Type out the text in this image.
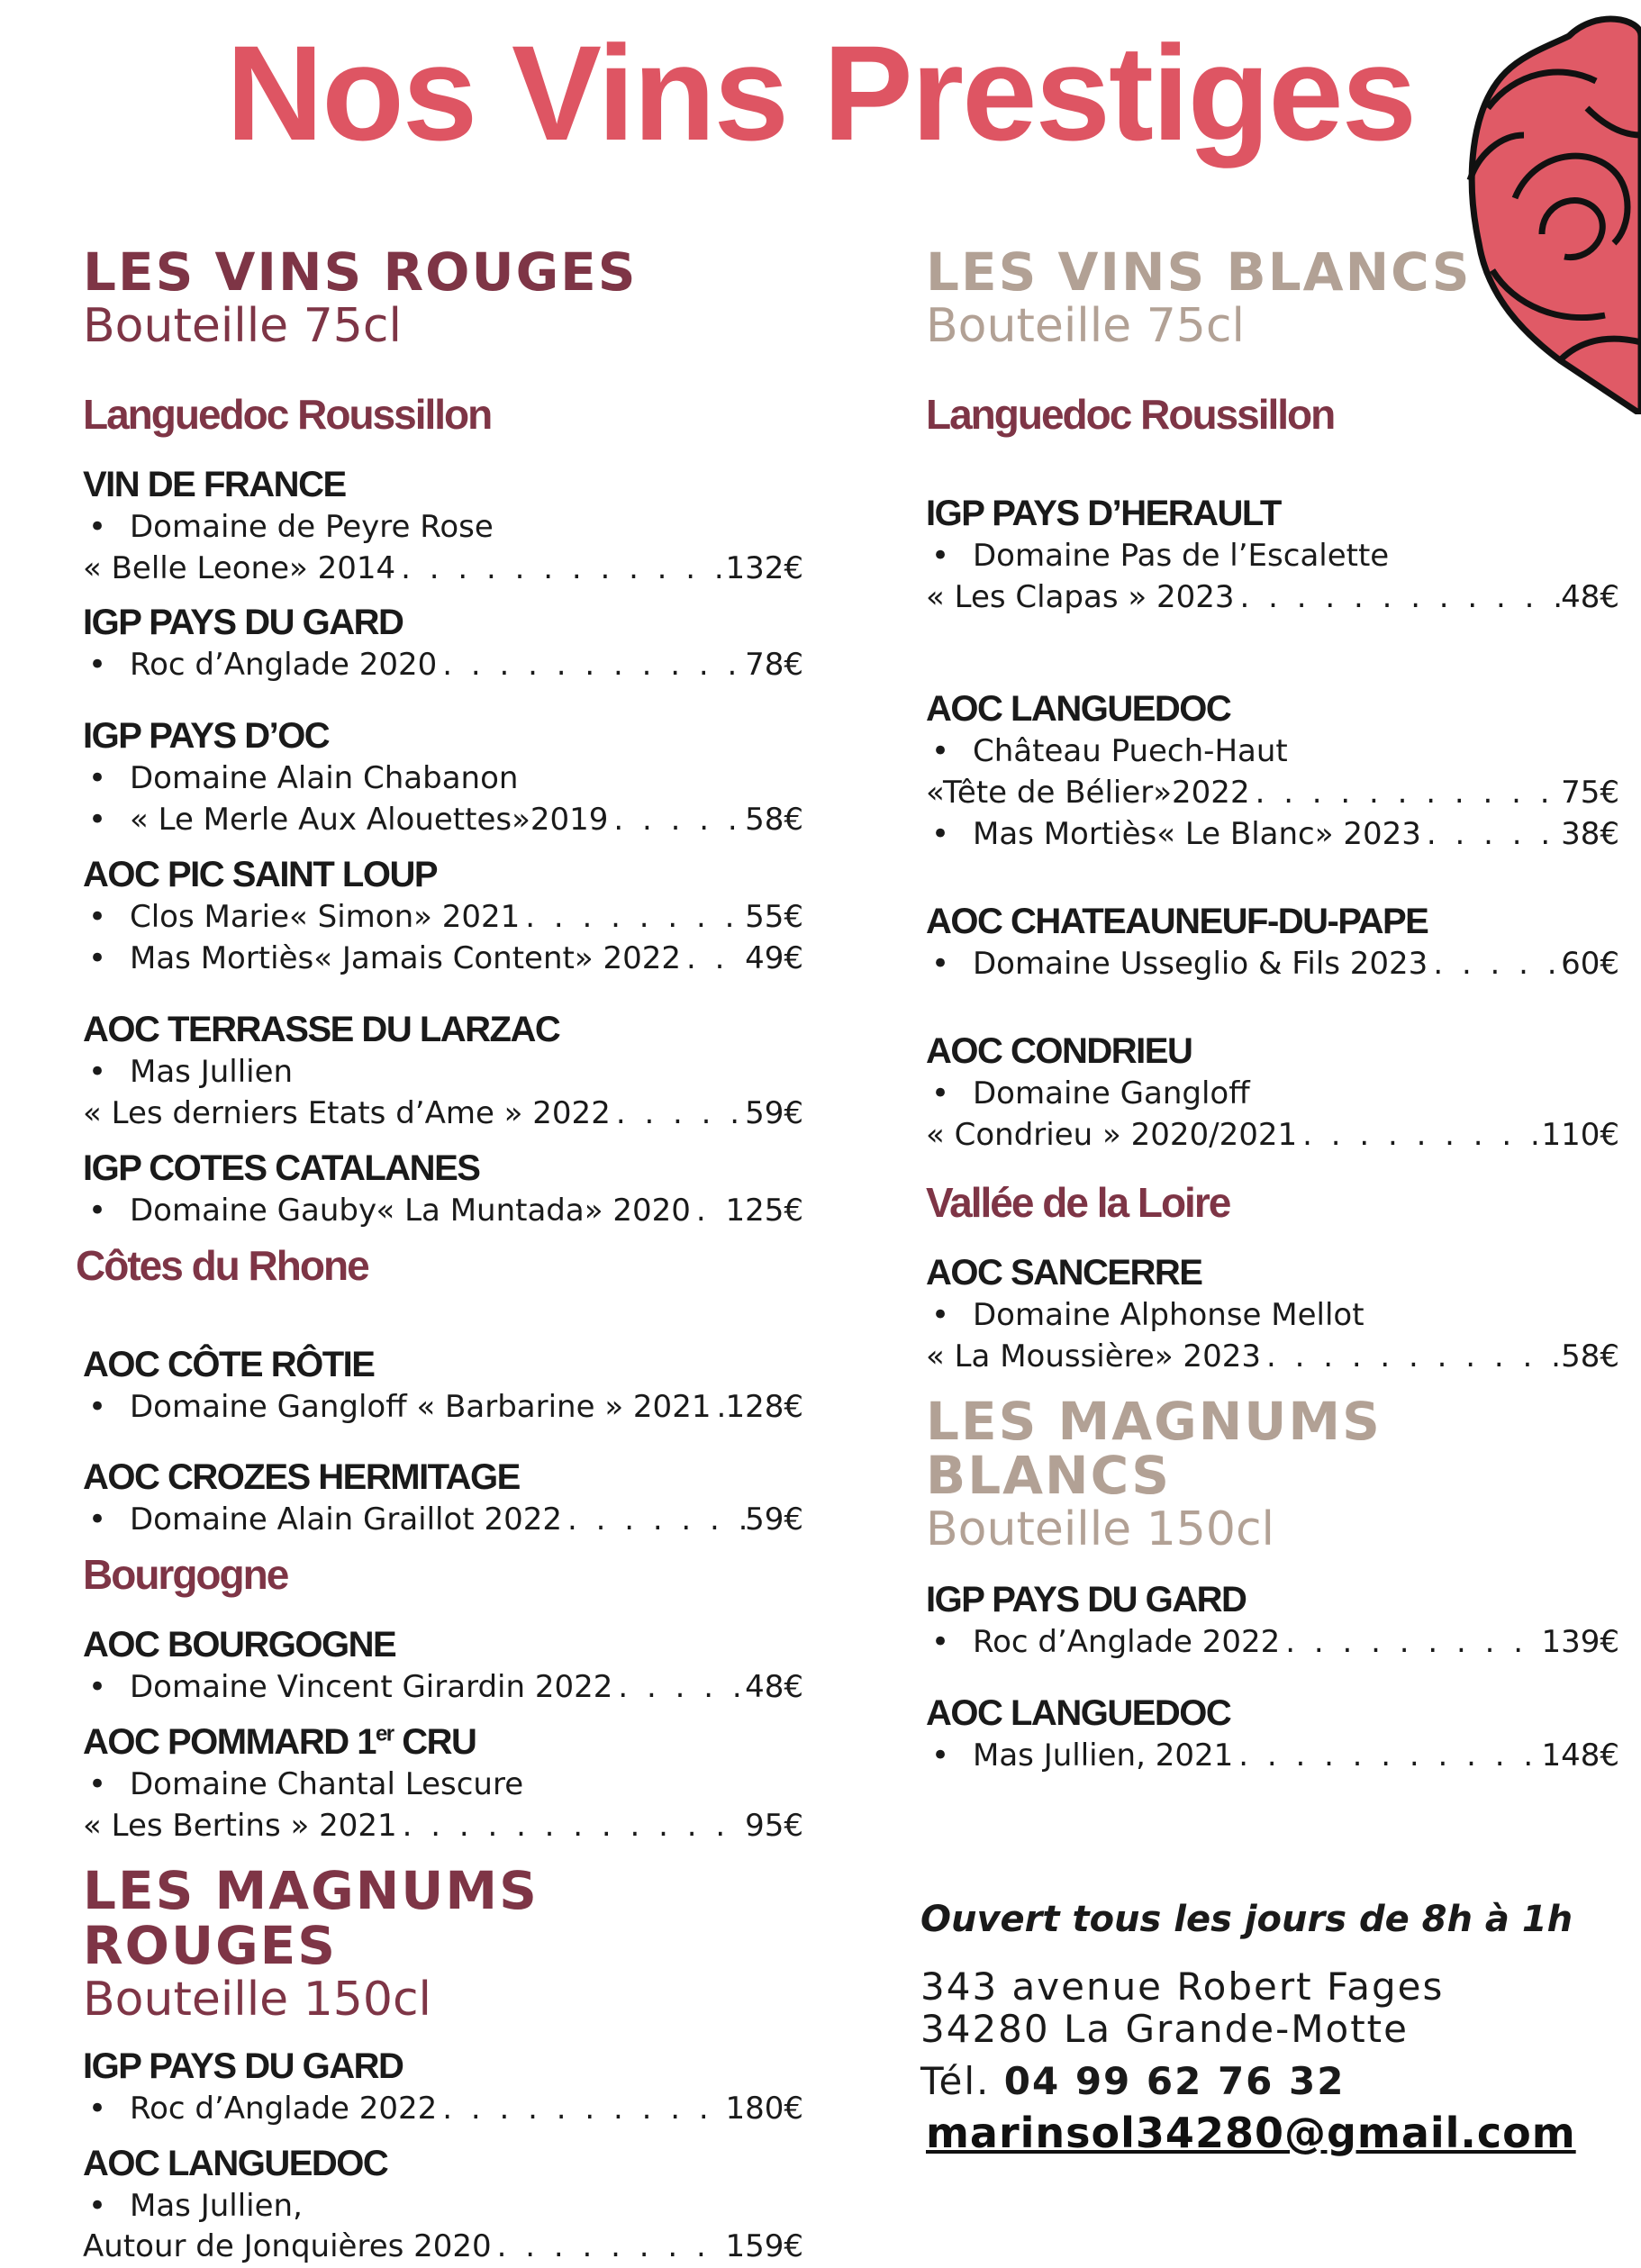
Nos Vins Prestiges
LES VINS ROUGES
Bouteille 75cl
Languedoc Roussillon
VIN DE FRANCE
• Domaine de Peyre Rose
« Belle Leone» 2014 . . .	132€
IGP PAYS DU GARD
• Roc d’Anglade 2020 . . .	78€
IGP PAYS D’OC
• Domaine Alain Chabanon
• « Le Merle Aux Alouettes»2019 . . .	58€
AOC PIC SAINT LOUP
• Clos Marie« Simon» 2021 . . .	55€
• Mas Mortiès« Jamais Content» 2022 . . . 49€
AOC TERRASSE DU LARZAC
• Mas Jullien
« Les derniers Etats d’Ame » 2022 . . .	59€
IGP COTES CATALANES
• Domaine Gauby« La Muntada» 2020 . . . 125€
Côtes du Rhone
AOC CÔTE RÔTIE
• Domaine Gangloff « Barbarine » 2021 . . . 128€
AOC CROZES HERMITAGE
• Domaine Alain Graillot 2022 . . .	59€
Bourgogne
AOC BOURGOGNE
• Domaine Vincent Girardin 2022 . . .	48€
AOC POMMARD 1er CRU
• Domaine Chantal Lescure
« Les Bertins » 2021 . . .	95€
LES MAGNUMS ROUGES
Bouteille 150cl
IGP PAYS DU GARD
• Roc d’Anglade 2022 . . .	180€
AOC LANGUEDOC
• Mas Jullien,
Autour de Jonquières 2020 . . .	159€
LES VINS BLANCS
Bouteille 75cl
Languedoc Roussillon
IGP PAYS D’HERAULT
• Domaine Pas de l’Escalette
« Les Clapas » 2023 . . .	48€
AOC LANGUEDOC
• Château Puech-Haut
«Tête de Bélier»2022 . . .	75€
• Mas Mortiès« Le Blanc» 2023 . . .	38€
AOC CHATEAUNEUF-DU-PAPE
• Domaine Usseglio & Fils 2023 . . .	60€
AOC CONDRIEU
• Domaine Gangloff
« Condrieu » 2020/2021 . . .	110€
Vallée de la Loire
AOC SANCERRE
• Domaine Alphonse Mellot
« La Moussière» 2023 . . .	58€
LES MAGNUMS BLANCS
Bouteille 150cl
IGP PAYS DU GARD
• Roc d’Anglade 2022 . . .	139€
AOC LANGUEDOC
• Mas Jullien, 2021 . . .	148€
Ouvert tous les jours de 8h à 1h
343 avenue Robert Fages
34280 La Grande-Motte
Tél. 04 99 62 76 32
marinsol34280@gmail.com
